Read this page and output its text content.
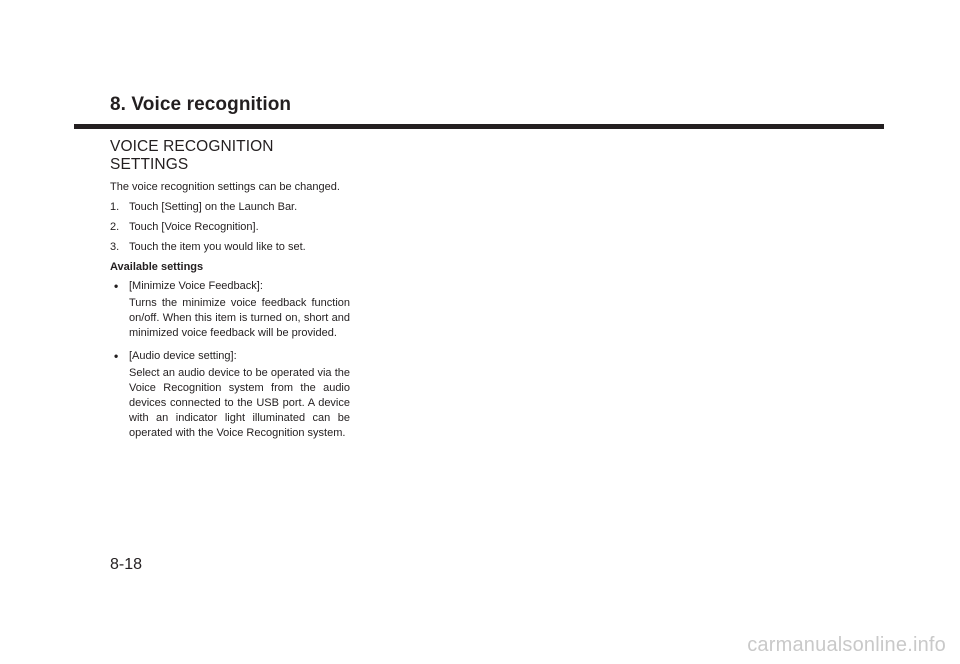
8. Voice recognition
VOICE RECOGNITION SETTINGS

The voice recognition settings can be changed.

1. Touch [Setting] on the Launch Bar.
2. Touch [Voice Recognition].
3. Touch the item you would like to set.

Available settings

• [Minimize Voice Feedback]:

Turns the minimize voice feedback function on/off. When this item is turned on, short and minimized voice feedback will be provided.

• [Audio device setting]:

Select an audio device to be operated via the Voice Recognition system from the audio devices connected to the USB port. A device with an indicator light illuminated can be operated with the Voice Recognition system.

8-18

carmanualsonline.info
